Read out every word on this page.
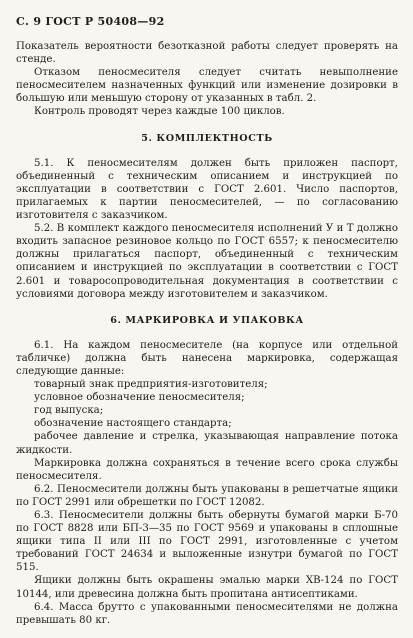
С. 9 ГОСТ Р 50408—92

Показатель вероятности безотказной работы следует проверять на стенде.

Отказом пеносмесителя следует считать невыполнение пеносмесителем назначенных функций или изменение дозировки в большую или меньшую сторону от указанных в табл. 2.

Контроль проводят через каждые 100 циклов.

5. КОМПЛЕКТНОСТЬ

5.1. К пеносмесителям должен быть приложен паспорт, объединенный с техническим описанием и инструкцией по эксплуатации в соответствии с ГОСТ 2.601. Число паспортов, прилагаемых к партии пеносмесителей, — по согласованию изготовителя с заказчиком.

5.2. В комплект каждого пеносмесителя исполнений У и Т должно входить запасное резиновое кольцо по ГОСТ 6557; к пеносмесителю должны прилагаться паспорт, объединенный с техническим описанием и инструкцией по эксплуатации в соответствии с ГОСТ 2.601 и товаросопроводительная документация в соответствии с условиями договора между изготовителем и заказчиком.

6. МАРКИРОВКА И УПАКОВКА

6.1. На каждом пеносмесителе (на корпусе или отдельной табличке) должна быть нанесена маркировка, содержащая следующие данные:

товарный знак предприятия-изготовителя;

условное обозначение пеносмесителя;

год выпуска;

обозначение настоящего стандарта;

рабочее давление и стрелка, указывающая направление потока жидкости.

Маркировка должна сохраняться в течение всего срока службы пеносмесителя.

6.2. Пеносмесители должны быть упакованы в решетчатые ящики по ГОСТ 2991 или обрешетки по ГОСТ 12082.

6.3. Пеносмесители должны быть обернуты бумагой марки Б-70 по ГОСТ 8828 или БП-3—35 по ГОСТ 9569 и упакованы в сплошные ящики типа II или III по ГОСТ 2991, изготовленные с учетом требований ГОСТ 24634 и выложенные изнутри бумагой по ГОСТ 515.

Ящики должны быть окрашены эмалью марки ХВ-124 по ГОСТ 10144, или древесина должна быть пропитана антисептиками.

6.4. Масса брутто с упакованными пеносмесителями не должна превышать 80 кг.
